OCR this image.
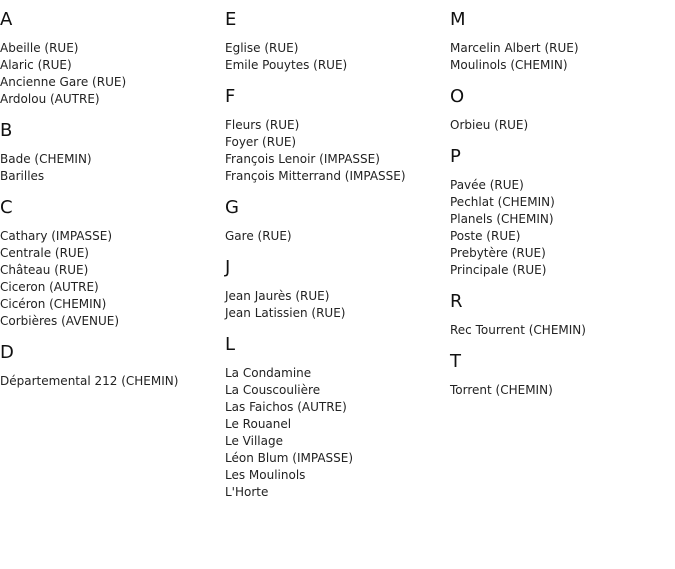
A
Abeille (RUE)
Alaric (RUE)
Ancienne Gare (RUE)
Ardolou (AUTRE)
B
Bade (CHEMIN)
Barilles
C
Cathary (IMPASSE)
Centrale (RUE)
Château (RUE)
Ciceron (AUTRE)
Cicéron (CHEMIN)
Corbières (AVENUE)
D
Départemental 212 (CHEMIN)
E
Eglise (RUE)
Emile Pouytes (RUE)
F
Fleurs (RUE)
Foyer (RUE)
François Lenoir (IMPASSE)
François Mitterrand (IMPASSE)
G
Gare (RUE)
J
Jean Jaurès (RUE)
Jean Latissien (RUE)
L
La Condamine
La Couscoulière
Las Faichos (AUTRE)
Le Rouanel
Le Village
Léon Blum (IMPASSE)
Les Moulinols
L'Horte
M
Marcelin Albert (RUE)
Moulinols (CHEMIN)
O
Orbieu (RUE)
P
Pavée (RUE)
Pechlat (CHEMIN)
Planels (CHEMIN)
Poste (RUE)
Prebytère (RUE)
Principale (RUE)
R
Rec Tourrent (CHEMIN)
T
Torrent (CHEMIN)
